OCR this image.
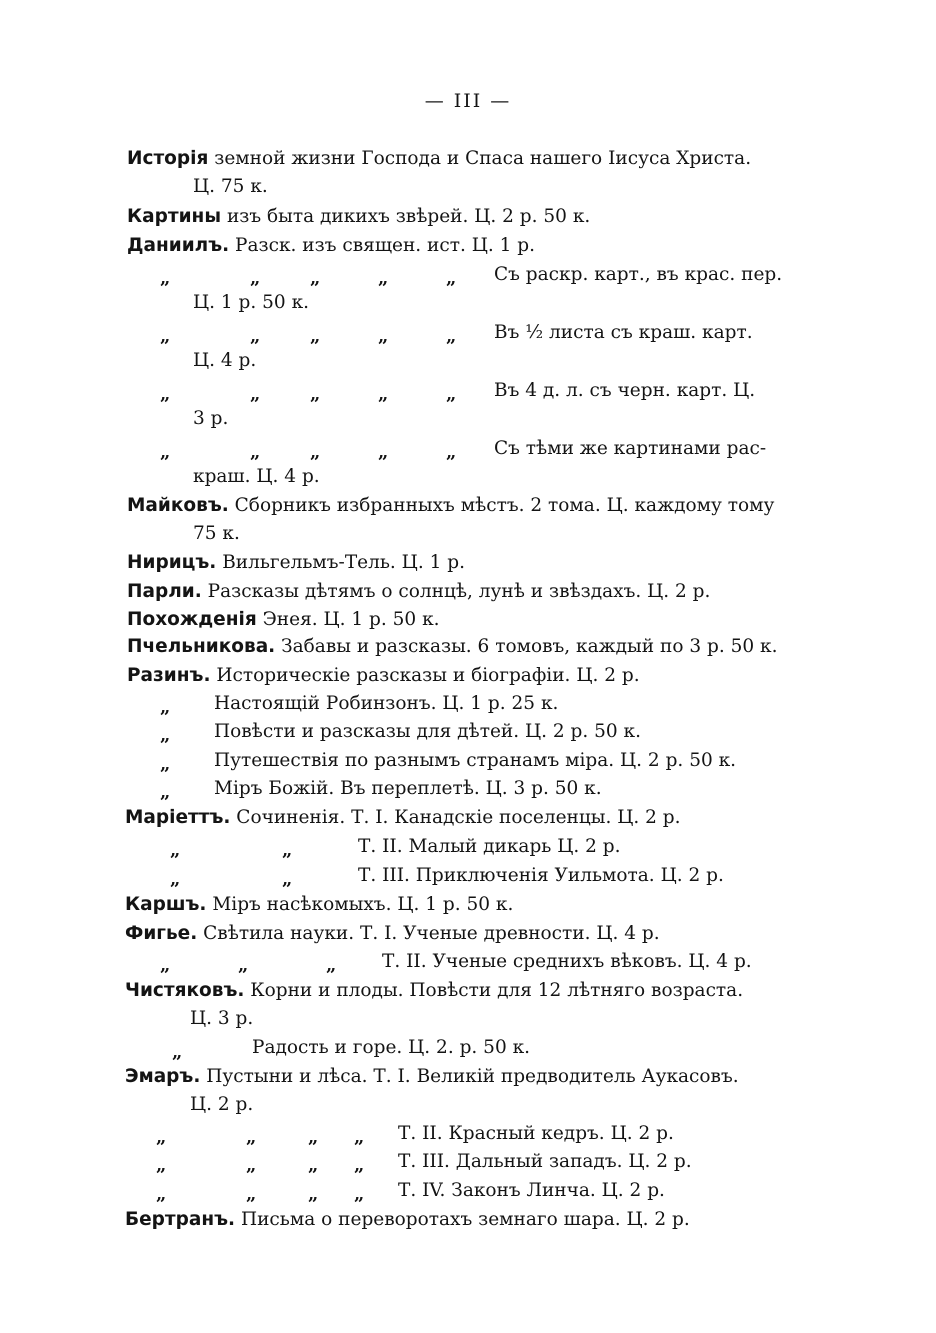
— III —
Исторія земной жизни Господа и Спаса нашего Іисуса Христа.
Ц. 75 к.
Картины изъ быта дикихъ звѣрей. Ц. 2 р. 50 к.
Даниилъ. Разск. изъ священ. ист. Ц. 1 р.
„	„	„	„	„ Съ раскр. карт., въ крас. пер.
Ц. 1 р. 50 к.
„	„	„	„	„ Въ ½ листа съ краш. карт.
Ц. 4 р.
„	„	„	„	„ Въ 4 д. л. съ черн. карт. Ц.
3 р.
„	„	„	„	„ Съ тѣми же картинами рас-
краш. Ц. 4 р.
Майковъ. Сборникъ избранныхъ мѣстъ. 2 тома. Ц. каждому тому
75 к.
Нирицъ. Вильгельмъ-Тель. Ц. 1 р.
Парли. Разсказы дѣтямъ о солнцѣ, лунѣ и звѣздахъ. Ц. 2 р.
Похожденія Энея. Ц. 1 р. 50 к.
Пчельникова. Забавы и разсказы. 6 томовъ, каждый по 3 р. 50 к.
Разинъ. Историческіе разсказы и біографіи. Ц. 2 р.
„ Настоящій Робинзонъ. Ц. 1 р. 25 к.
„ Повѣсти и разсказы для дѣтей. Ц. 2 р. 50 к.
„ Путешествія по разнымъ странамъ міра. Ц. 2 р. 50 к.
„ Міръ Божій. Въ переплетѣ. Ц. 3 р. 50 к.
Маріеттъ. Сочиненія. Т. I. Канадскіе поселенцы. Ц. 2 р.
„	„	Т. II. Малый дикарь Ц. 2 р.
„	„	Т. III. Приключенія Уильмота. Ц. 2 р.
Каршъ. Міръ насѣкомыхъ. Ц. 1 р. 50 к.
Фигье. Свѣтила науки. Т. I. Ученые древности. Ц. 4 р.
„	„	„ Т. II. Ученые среднихъ вѣковъ. Ц. 4 р.
Чистяковъ. Корни и плоды. Повѣсти для 12 лѣтняго возраста.
Ц. 3 р.
„	Радость и горе. Ц. 2. р. 50 к.
Эмаръ. Пустыни и лѣса. Т. I. Великій предводитель Аукасовъ.
Ц. 2 р.
„	„	„ „ Т. II. Красный кедръ. Ц. 2 р.
„	„	„ „ Т. III. Дальный западъ. Ц. 2 р.
„	„	„ „ Т. IV. Законъ Линча. Ц. 2 р.
Бертранъ. Письма о переворотахъ земнаго шара. Ц. 2 р.
